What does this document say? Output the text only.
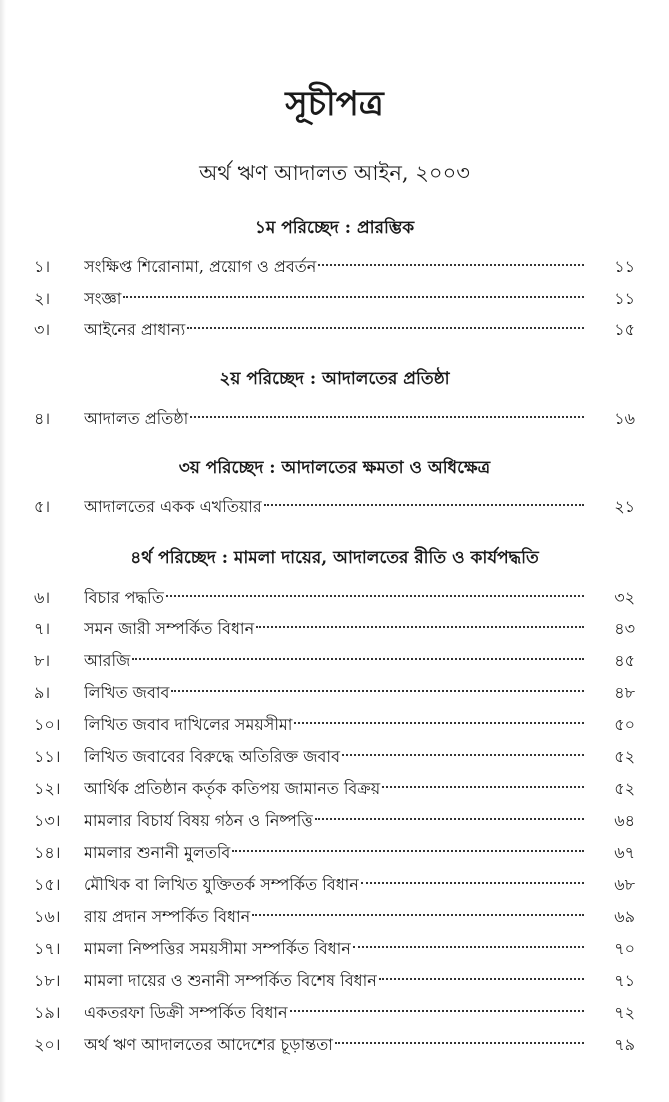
সূচীপত্র
অর্থ ঋণ আদালত আইন, ২০০৩
১ম পরিচ্ছেদ : প্রারম্ভিক
১।	সংক্ষিপ্ত শিরোনামা, প্রয়োগ ও প্রবর্তন	১১
২।	সংজ্ঞা	১১
৩।	আইনের প্রাধান্য	১৫
২য় পরিচ্ছেদ : আদালতের প্রতিষ্ঠা
৪।	আদালত প্রতিষ্ঠা	১৬
৩য় পরিচ্ছেদ : আদালতের ক্ষমতা ও অধিক্ষেত্র
৫।	আদালতের একক এখতিয়ার	২১
৪র্থ পরিচ্ছেদ : মামলা দায়ের, আদালতের রীতি ও কার্যপদ্ধতি
৬।	বিচার পদ্ধতি	৩২
৭।	সমন জারী সম্পর্কিত বিধান	৪৩
৮।	আরজি	৪৫
৯।	লিখিত জবাব	৪৮
১০।	লিখিত জবাব দাখিলের সময়সীমা	৫০
১১।	লিখিত জবাবের বিরুদ্ধে অতিরিক্ত জবাব	৫২
১২।	আর্থিক প্রতিষ্ঠান কর্তৃক কতিপয় জামানত বিক্রয়	৫২
১৩।	মামলার বিচার্য বিষয় গঠন ও নিষ্পত্তি	৬৪
১৪।	মামলার শুনানী মুলতবি	৬৭
১৫।	মৌখিক বা লিখিত যুক্তিতর্ক সম্পর্কিত বিধান	৬৮
১৬।	রায় প্রদান সম্পর্কিত বিধান	৬৯
১৭।	মামলা নিষ্পত্তির সময়সীমা সম্পর্কিত বিধান	৭০
১৮।	মামলা দায়ের ও শুনানী সম্পর্কিত বিশেষ বিধান	৭১
১৯।	একতরফা ডিক্রী সম্পর্কিত বিধান	৭২
২০।	অর্থ ঋণ আদালতের আদেশের চূড়ান্ততা	৭৯
